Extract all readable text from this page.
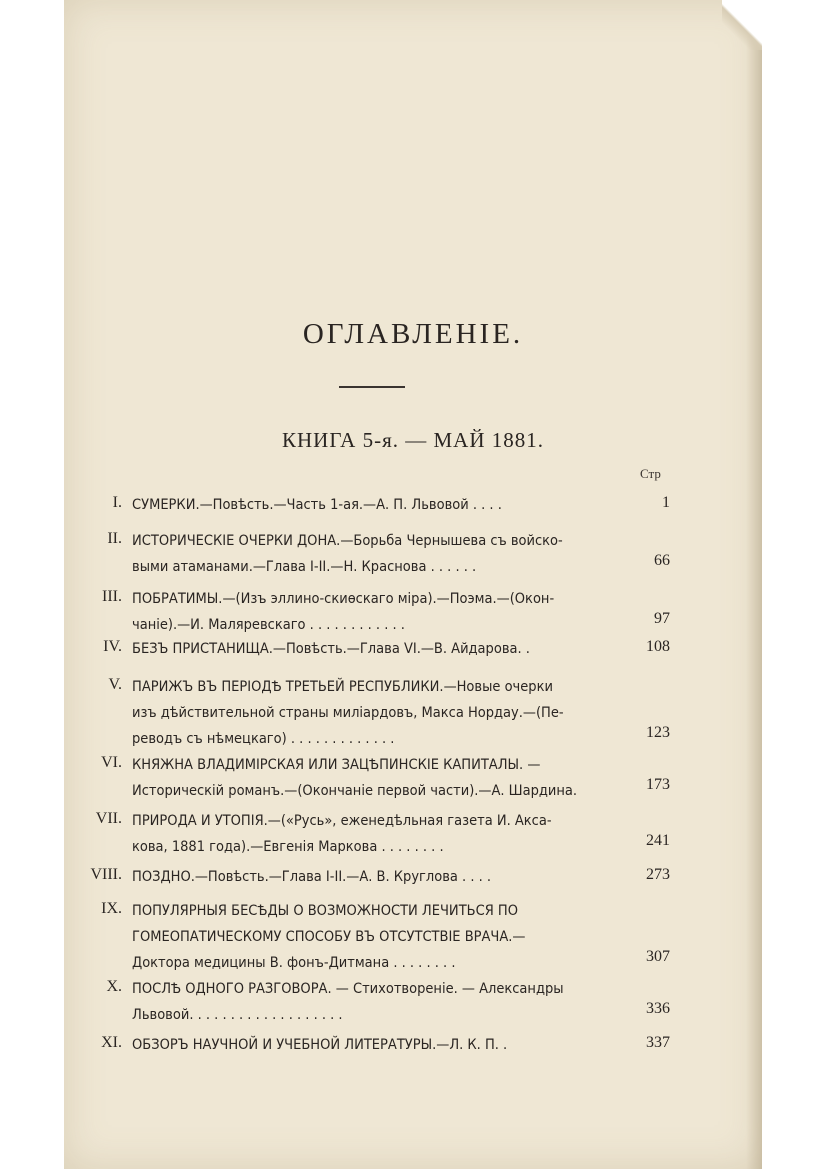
ОГЛАВЛЕНІЕ.
КНИГА 5-я. — МАЙ 1881.
Стр
I. СУМЕРКИ.—Повѣсть.—Часть 1-ая.—А. П. Львовой . . . .	1
II. ИСТОРИЧЕСКІЕ ОЧЕРКИ ДОНА.—Борьба Чернышева съ войско-
выми атаманами.—Глава I-II.—Н. Краснова . . . . . .	66
III. ПОБРАТИМЫ.—(Изъ эллино-скиѳскаго міра).—Поэма.—(Окон-
чаніе).—И. Маляревскаго . . . . . . . . . . . .	97
IV. БЕЗЪ ПРИСТАНИЩА.—Повѣсть.—Глава VI.—В. Айдарова. .	108
V. ПАРИЖЪ ВЪ ПЕРІОДѢ ТРЕТЬЕЙ РЕСПУБЛИКИ.—Новые очерки
изъ дѣйствительной страны миліардовъ, Макса Нордау.—(Пе-
реводъ съ нѣмецкаго) . . . . . . . . . . . . .	123
VI. КНЯЖНА ВЛАДИМІРСКАЯ ИЛИ ЗАЦѢПИНСКІЕ КАПИТАЛЫ. —
Историческій романъ.—(Окончаніе первой части).—А. Шардина.	173
VII. ПРИРОДА И УТОПІЯ.—(«Русь», еженедѣльная газета И. Акса-
кова, 1881 года).—Евгенія Маркова . . . . . . . .	241
VIII. ПОЗДНО.—Повѣсть.—Глава I-II.—А. В. Круглова . . . .	273
IX. ПОПУЛЯРНЫЯ БЕСѢДЫ О ВОЗМОЖНОСТИ ЛЕЧИТЬСЯ ПО
ГОМЕОПАТИЧЕСКОМУ СПОСОБУ ВЪ ОТСУТСТВІЕ ВРАЧА.—
Доктора медицины В. фонъ-Дитмана . . . . . . . .	307
X. ПОСЛѢ ОДНОГО РАЗГОВОРА. — Стихотвореніе. — Александры
Львовой. . . . . . . . . . . . . . . . . . .	336
XI. ОБЗОРЪ НАУЧНОЙ И УЧЕБНОЙ ЛИТЕРАТУРЫ.—Л. К. П. .	337
